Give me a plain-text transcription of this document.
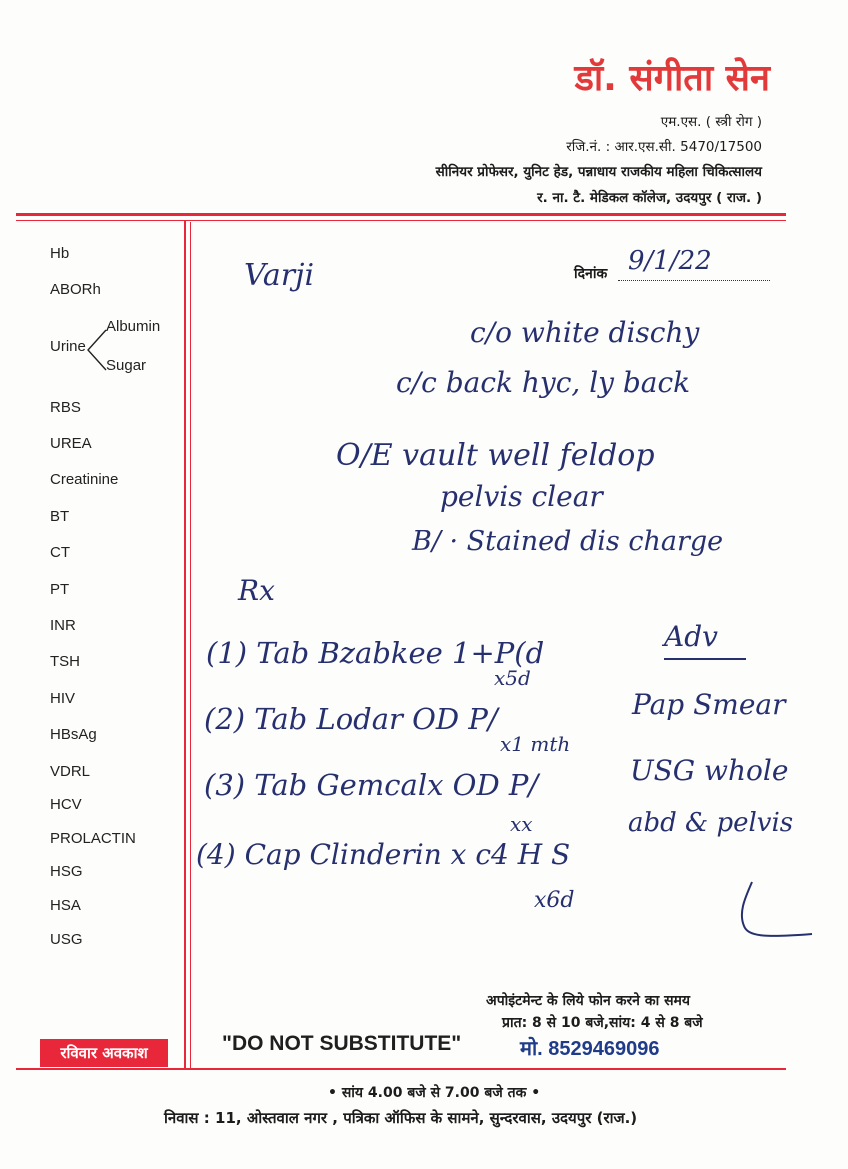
डॉ. संगीता सेन
एम.एस. ( स्त्री रोग )
रजि.नं. : आर.एस.सी. 5470/17500
सीनियर प्रोफेसर, युनिट हेड, पन्नाधाय राजकीय महिला चिकित्सालय
र. ना. टै. मेडिकल कॉलेज, उदयपुर ( राज. )
Hb
ABORh
Urine
Albumin
Sugar
RBS
UREA
Creatinine
BT
CT
PT
INR
TSH
HIV
HBsAg
VDRL
HCV
PROLACTIN
HSG
HSA
USG
दिनांक 9/1/22
Varji
c/o white dischy
c/c back hyc, ly back
O/E vault well feldop
pelvis clear
B/ · Stained dis charge
Rx
(1) Tab Bzabkee 1+P(d
x5d
(2) Tab Lodar OD P/
x1 mth
(3) Tab Gemcalx OD P/
xx
(4) Cap Clinderin x c4 H S
x6d
Adv
Pap Smear
USG whole
abd & pelvis
अपोइंटमेन्ट के लिये फोन करने का समय
प्रात: 8 से 10 बजे,सांय: 4 से 8 बजे
रविवार अवकाश	"DO NOT SUBSTITUTE"	मो. 8529469096
• सांय 4.00 बजे से 7.00 बजे तक •
निवास : 11, ओस्तवाल नगर , पत्रिका ऑफिस के सामने, सुन्दरवास, उदयपुर (राज.)
